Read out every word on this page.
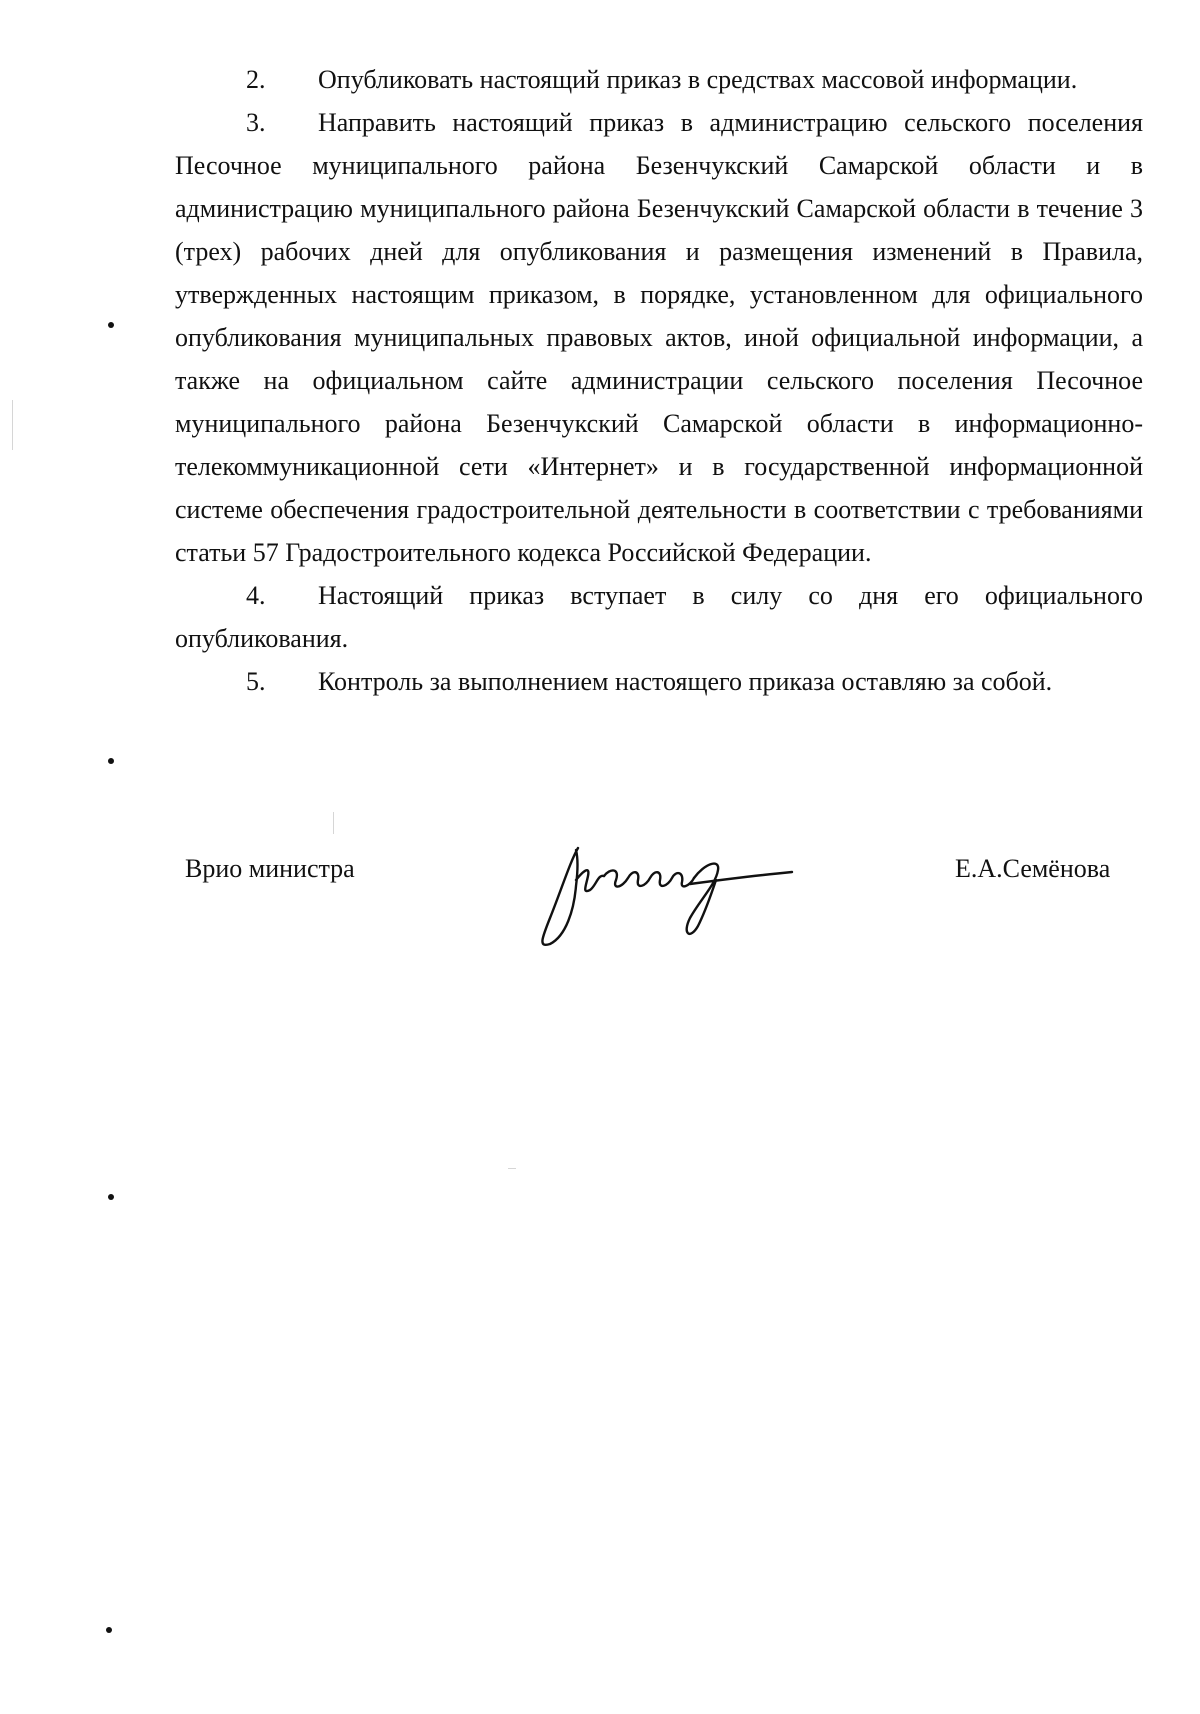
2. Опубликовать настоящий приказ в средствах массовой информации.

3. Направить настоящий приказ в администрацию сельского поселения Песочное муниципального района Безенчукский Самарской области и в администрацию муниципального района Безенчукский Самарской области в течение 3 (трех) рабочих дней для опубликования и размещения изменений в Правила, утвержденных настоящим приказом, в порядке, установленном для официального опубликования муниципальных правовых актов, иной официальной информации, а также на официальном сайте администрации сельского поселения Песочное муниципального района Безенчукский Самарской области в информационно-телекоммуникационной сети «Интернет» и в государственной информационной системе обеспечения градостроительной деятельности в соответствии с требованиями статьи 57 Градостроительного кодекса Российской Федерации.

4. Настоящий приказ вступает в силу со дня его официального опубликования.

5. Контроль за выполнением настоящего приказа оставляю за собой.

Врио министра	Е.А.Семёнова
